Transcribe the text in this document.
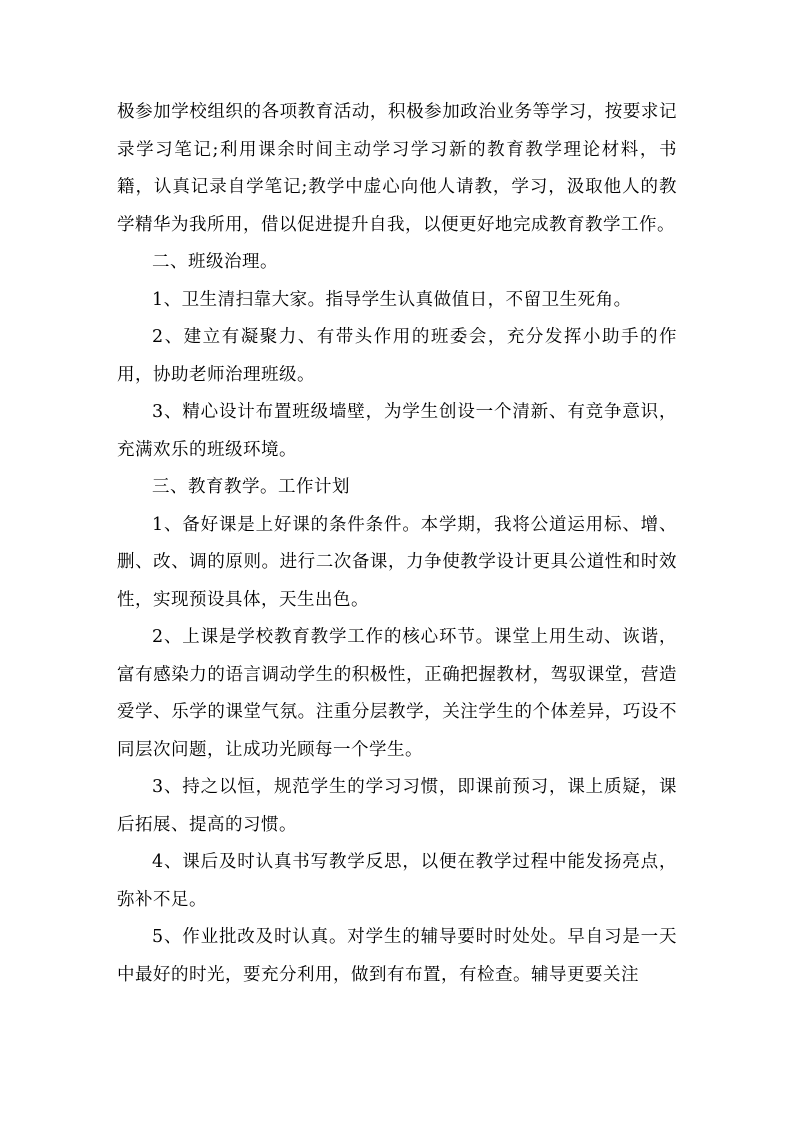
极参加学校组织的各项教育活动，积极参加政治业务等学习，按要求记录学习笔记;利用课余时间主动学习学习新的教育教学理论材料，书籍，认真记录自学笔记;教学中虚心向他人请教，学习，汲取他人的教学精华为我所用，借以促进提升自我，以便更好地完成教育教学工作。

二、班级治理。

1、卫生清扫靠大家。指导学生认真做值日，不留卫生死角。

2、建立有凝聚力、有带头作用的班委会，充分发挥小助手的作用，协助老师治理班级。

3、精心设计布置班级墙壁，为学生创设一个清新、有竞争意识，充满欢乐的班级环境。

三、教育教学。工作计划

1、备好课是上好课的条件条件。本学期，我将公道运用标、增、删、改、调的原则。进行二次备课，力争使教学设计更具公道性和时效性，实现预设具体，天生出色。

2、上课是学校教育教学工作的核心环节。课堂上用生动、诙谐，富有感染力的语言调动学生的积极性，正确把握教材，驾驭课堂，营造爱学、乐学的课堂气氛。注重分层教学，关注学生的个体差异，巧设不同层次问题，让成功光顾每一个学生。

3、持之以恒，规范学生的学习习惯，即课前预习，课上质疑，课后拓展、提高的习惯。

4、课后及时认真书写教学反思，以便在教学过程中能发扬亮点，弥补不足。

5、作业批改及时认真。对学生的辅导要时时处处。早自习是一天中最好的时光，要充分利用，做到有布置，有检查。辅导更要关注
